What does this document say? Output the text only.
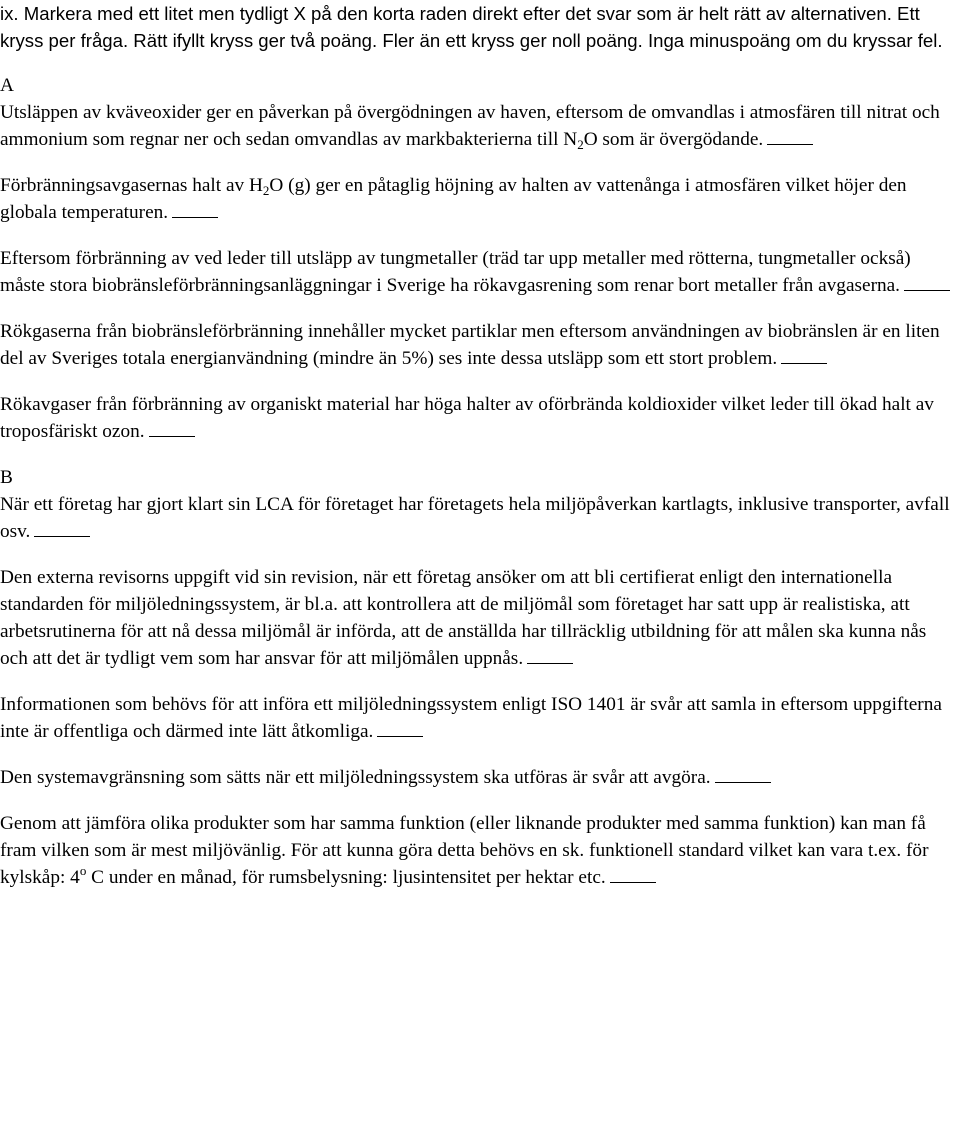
ix. Markera med ett litet men tydligt X på den korta raden direkt efter det svar som är helt rätt av alternativen. Ett kryss per fråga. Rätt ifyllt kryss ger två poäng. Fler än ett kryss ger noll poäng. Inga minuspoäng om du kryssar fel.

A

Utsläppen av kväveoxider ger en påverkan på övergödningen av haven, eftersom de omvandlas i atmosfären till nitrat och ammonium som regnar ner och sedan omvandlas av markbakterierna till $N_2O$ som är övergödande.

Förbränningsavgasernas halt av $H_2O$ (g) ger en påtaglig höjning av halten av vattenånga i atmosfären vilket höjer den globala temperaturen.

Eftersom förbränning av ved leder till utsläpp av tungmetaller (träd tar upp metaller med rötterna, tungmetaller också) måste stora biobränsleförbränningsanläggningar i Sverige ha rökavgasrening som renar bort metaller från avgaserna.

Rökgaserna från biobränsleförbränning innehåller mycket partiklar men eftersom användningen av biobränslen är en liten del av Sveriges totala energianvändning (mindre än 5%) ses inte dessa utsläpp som ett stort problem.

Rökavgaser från förbränning av organiskt material har höga halter av oförbrända koldioxider vilket leder till ökad halt av troposfäriskt ozon.

B

När ett företag har gjort klart sin LCA för företaget har företagets hela miljöpåverkan kartlagts, inklusive transporter, avfall osv.

Den externa revisorns uppgift vid sin revision, när ett företag ansöker om att bli certifierat enligt den internationella standarden för miljöledningssystem, är bl.a. att kontrollera att de miljömål som företaget har satt upp är realistiska, att arbetsrutinerna för att nå dessa miljömål är införda, att de anställda har tillräcklig utbildning för att målen ska kunna nås och att det är tydligt vem som har ansvar för att miljömålen uppnås.

Informationen som behövs för att införa ett miljöledningssystem enligt ISO 1401 är svår att samla in eftersom uppgifterna inte är offentliga och därmed inte lätt åtkomliga.

Den systemavgränsning som sätts när ett miljöledningssystem ska utföras är svår att avgöra.

Genom att jämföra olika produkter som har samma funktion (eller liknande produkter med samma funktion) kan man få fram vilken som är mest miljövänlig. För att kunna göra detta behövs en sk. funktionell standard vilket kan vara t.ex. för kylskåp: 4$^o$ C under en månad, för rumsbelysning: ljusintensitet per hektar etc.
